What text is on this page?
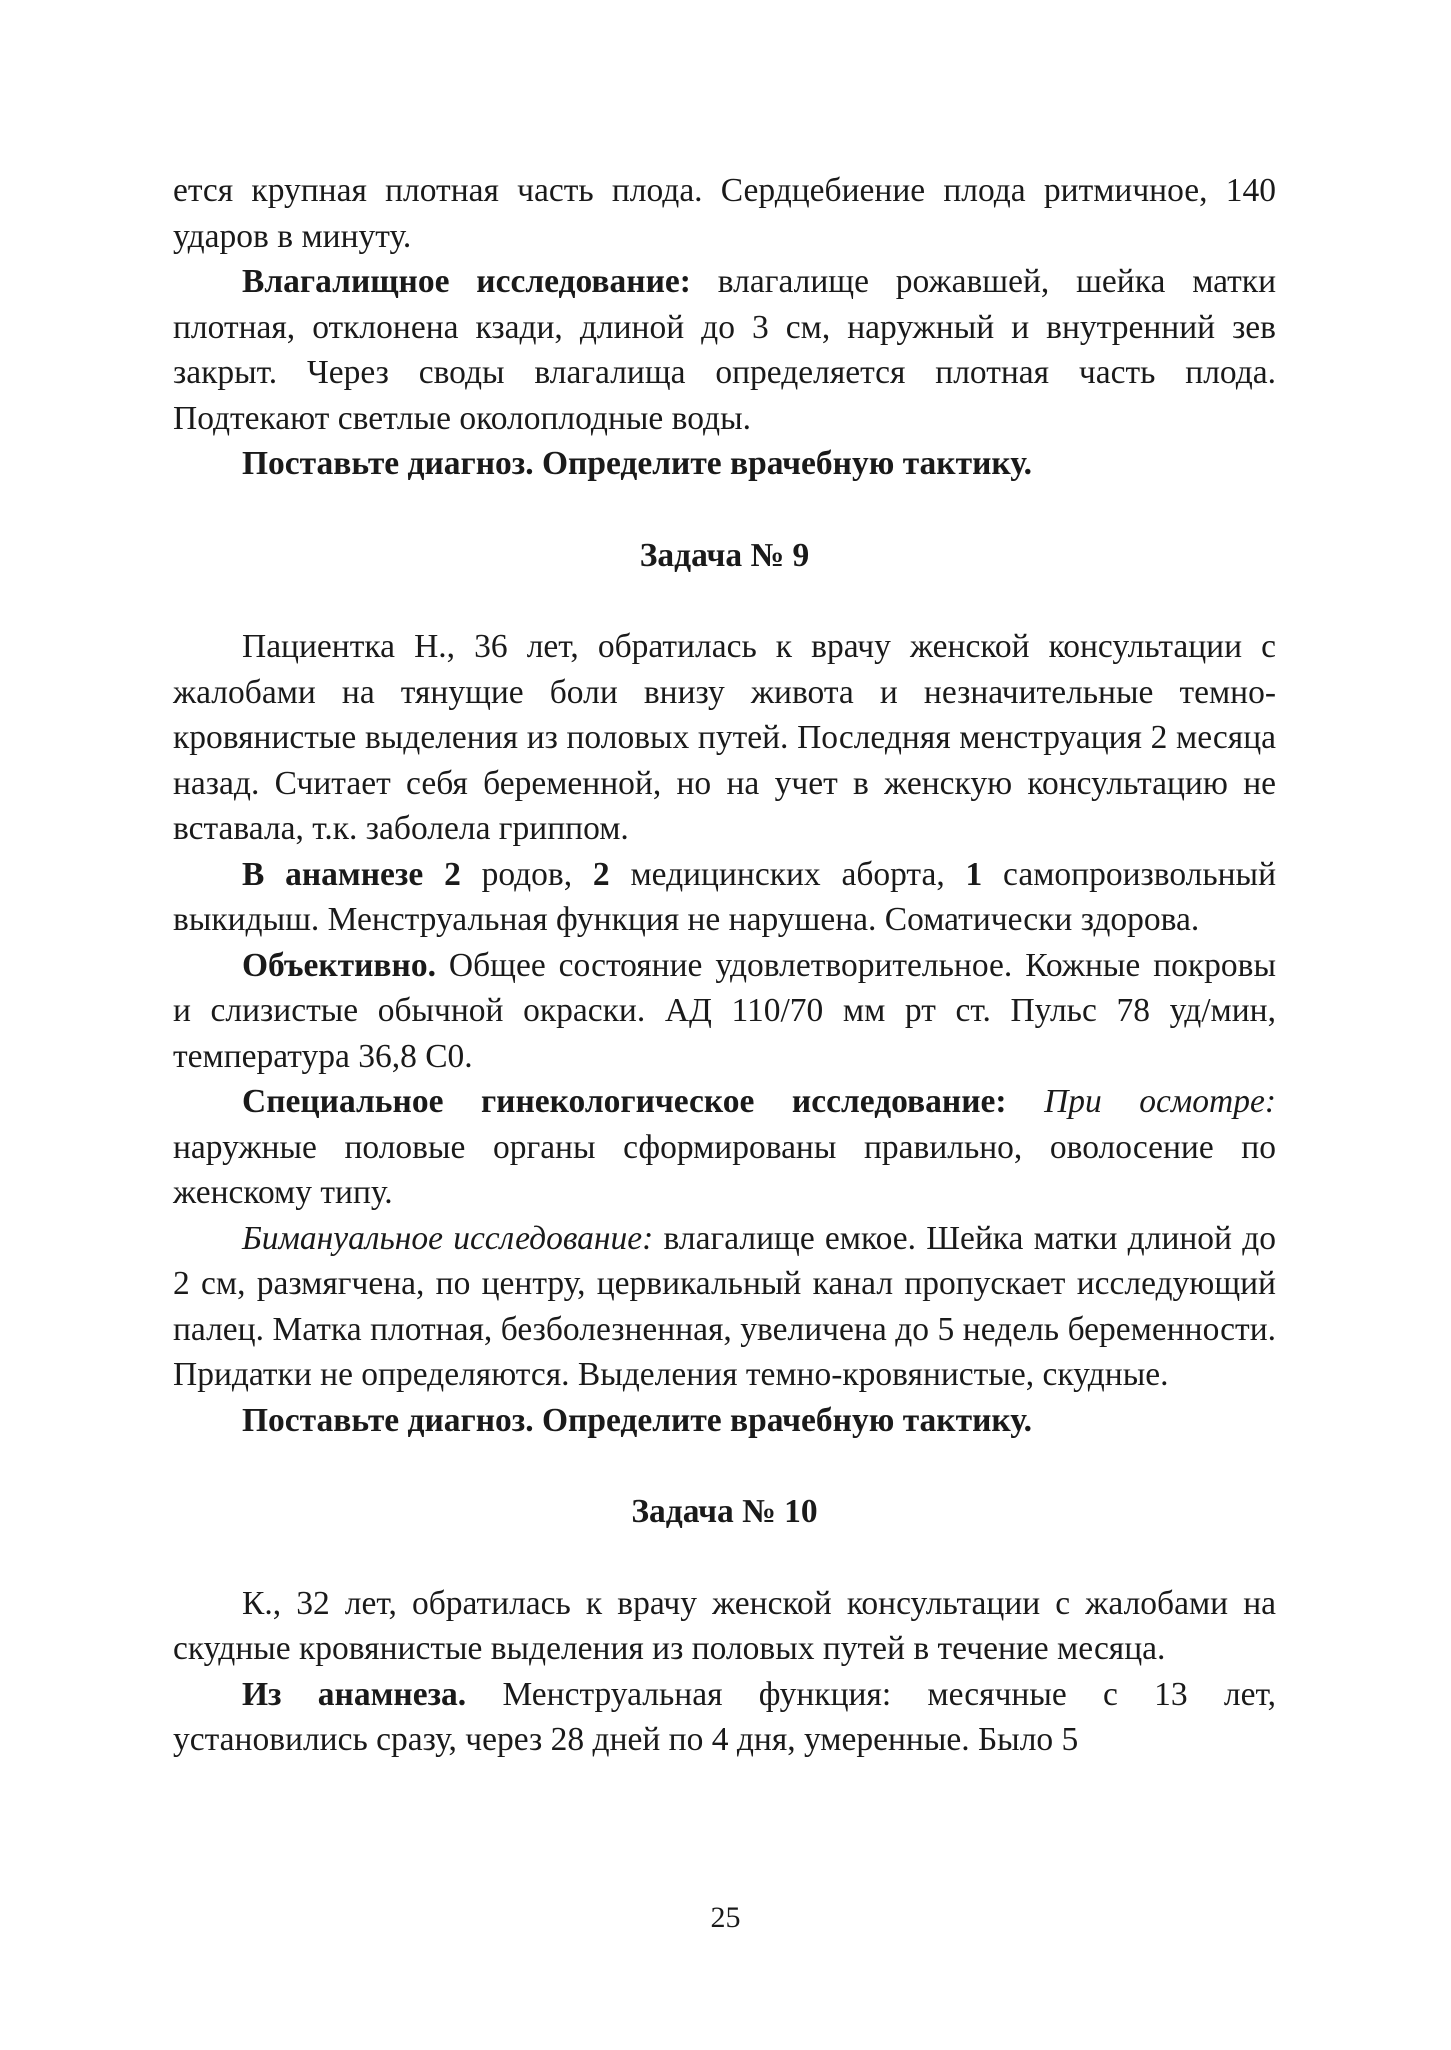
ется крупная плотная часть плода. Сердцебиение плода ритмичное, 140 ударов в минуту.

Влагалищное исследование: влагалище рожавшей, шейка матки плотная, отклонена кзади, длиной до 3 см, наружный и внутренний зев закрыт. Через своды влагалища определяется плотная часть плода. Подтекают светлые околоплодные воды.

Поставьте диагноз. Определите врачебную тактику.

Задача № 9

Пациентка Н., 36 лет, обратилась к врачу женской консультации с жалобами на тянущие боли внизу живота и незначительные темно-кровянистые выделения из половых путей. Последняя менструация 2 месяца назад. Считает себя беременной, но на учет в женскую консультацию не вставала, т.к. заболела гриппом.

В анамнезе 2 родов, 2 медицинских аборта, 1 самопроизвольный выкидыш. Менструальная функция не нарушена. Соматически здорова.

Объективно. Общее состояние удовлетворительное. Кожные покровы и слизистые обычной окраски. АД 110/70 мм рт ст. Пульс 78 уд/мин, температура 36,8 С0.

Специальное гинекологическое исследование: При осмотре: наружные половые органы сформированы правильно, оволосение по женскому типу.

Бимануальное исследование: влагалище емкое. Шейка матки длиной до 2 см, размягчена, по центру, цервикальный канал пропускает исследующий палец. Матка плотная, безболезненная, увеличена до 5 недель беременности. Придатки не определяются. Выделения темно-кровянистые, скудные.

Поставьте диагноз. Определите врачебную тактику.

Задача № 10

К., 32 лет, обратилась к врачу женской консультации с жалобами на скудные кровянистые выделения из половых путей в течение месяца.

Из анамнеза. Менструальная функция: месячные с 13 лет, установились сразу, через 28 дней по 4 дня, умеренные. Было 5

25
